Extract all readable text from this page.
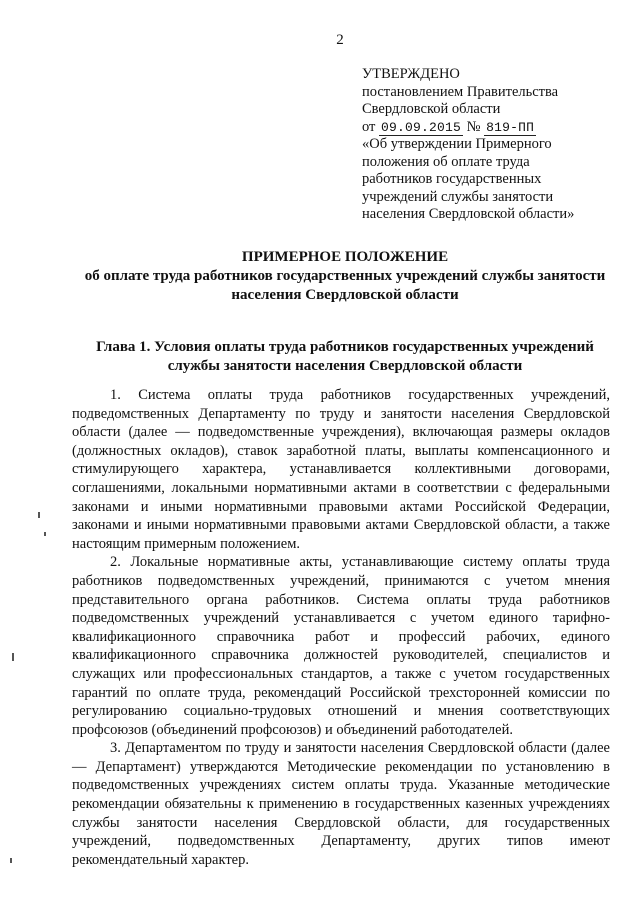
2
УТВЕРЖДЕНО
постановлением Правительства
Свердловской области
от 09.09.2015 № 819-ПП
«Об утверждении Примерного
положения об оплате труда
работников государственных
учреждений службы занятости
населения Свердловской области»
ПРИМЕРНОЕ ПОЛОЖЕНИЕ
об оплате труда работников государственных учреждений службы занятости
населения Свердловской области
Глава 1. Условия оплаты труда работников государственных учреждений
службы занятости населения Свердловской области

1. Система оплаты труда работников государственных учреждений, подведомственных Департаменту по труду и занятости населения Свердловской области (далее — подведомственные учреждения), включающая размеры окладов (должностных окладов), ставок заработной платы, выплаты компенсационного и стимулирующего характера, устанавливается коллективными договорами, соглашениями, локальными нормативными актами в соответствии с федеральными законами и иными нормативными правовыми актами Российской Федерации, законами и иными нормативными правовыми актами Свердловской области, а также настоящим примерным положением.

2. Локальные нормативные акты, устанавливающие систему оплаты труда работников подведомственных учреждений, принимаются с учетом мнения представительного органа работников. Система оплаты труда работников подведомственных учреждений устанавливается с учетом единого тарифно-квалификационного справочника работ и профессий рабочих, единого квалификационного справочника должностей руководителей, специалистов и служащих или профессиональных стандартов, а также с учетом государственных гарантий по оплате труда, рекомендаций Российской трехсторонней комиссии по регулированию социально-трудовых отношений и мнения соответствующих профсоюзов (объединений профсоюзов) и объединений работодателей.

3. Департаментом по труду и занятости населения Свердловской области (далее — Департамент) утверждаются Методические рекомендации по установлению в подведомственных учреждениях систем оплаты труда. Указанные методические рекомендации обязательны к применению в государственных казенных учреждениях службы занятости населения Свердловской области, для государственных учреждений, подведомственных Департаменту, других типов имеют рекомендательный характер.
